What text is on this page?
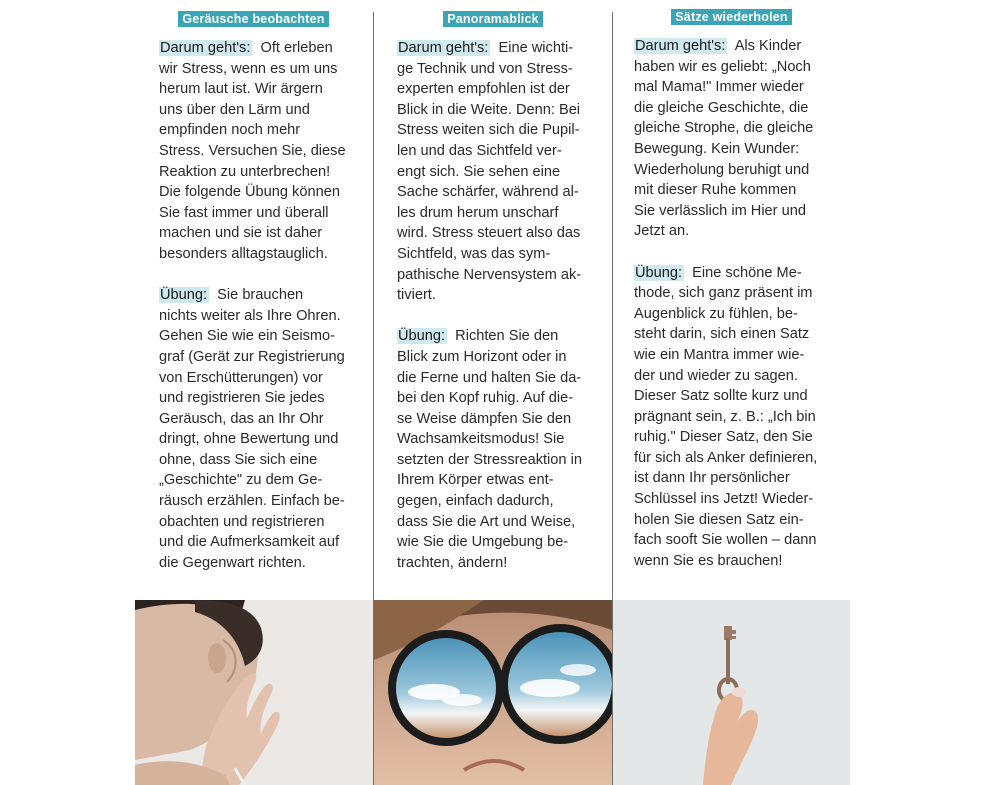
Geräusche beobachten

Darum geht's: Oft erleben
wir Stress, wenn es um uns
herum laut ist. Wir ärgern
uns über den Lärm und
empfinden noch mehr
Stress. Versuchen Sie, diese
Reaktion zu unterbrechen!
Die folgende Übung können
Sie fast immer und überall
machen und sie ist daher
besonders alltagstauglich.

Übung: Sie brauchen
nichts weiter als Ihre Ohren.
Gehen Sie wie ein Seismo-
graf (Gerät zur Registrierung
von Erschütterungen) vor
und registrieren Sie jedes
Geräusch, das an Ihr Ohr
dringt, ohne Bewertung und
ohne, dass Sie sich eine
„Geschichte" zu dem Ge-
räusch erzählen. Einfach be-
obachten und registrieren
und die Aufmerksamkeit auf
die Gegenwart richten.

Panoramablick

Darum geht's: Eine wichti-
ge Technik und von Stress-
experten empfohlen ist der
Blick in die Weite. Denn: Bei
Stress weiten sich die Pupil-
len und das Sichtfeld ver-
engt sich. Sie sehen eine
Sache schärfer, während al-
les drum herum unscharf
wird. Stress steuert also das
Sichtfeld, was das sym-
pathische Nervensystem ak-
tiviert.

Übung: Richten Sie den
Blick zum Horizont oder in
die Ferne und halten Sie da-
bei den Kopf ruhig. Auf die-
se Weise dämpfen Sie den
Wachsamkeitsmodus! Sie
setzten der Stressreaktion in
Ihrem Körper etwas ent-
gegen, einfach dadurch,
dass Sie die Art und Weise,
wie Sie die Umgebung be-
trachten, ändern!

Sätze wiederholen

Darum geht's: Als Kinder
haben wir es geliebt: „Noch
mal Mama!" Immer wieder
die gleiche Geschichte, die
gleiche Strophe, die gleiche
Bewegung. Kein Wunder:
Wiederholung beruhigt und
mit dieser Ruhe kommen
Sie verlässlich im Hier und
Jetzt an.

Übung: Eine schöne Me-
thode, sich ganz präsent im
Augenblick zu fühlen, be-
steht darin, sich einen Satz
wie ein Mantra immer wie-
der und wieder zu sagen.
Dieser Satz sollte kurz und
prägnant sein, z. B.: „Ich bin
ruhig." Dieser Satz, den Sie
für sich als Anker definieren,
ist dann Ihr persönlicher
Schlüssel ins Jetzt! Wieder-
holen Sie diesen Satz ein-
fach sooft Sie wollen – dann
wenn Sie es brauchen!
